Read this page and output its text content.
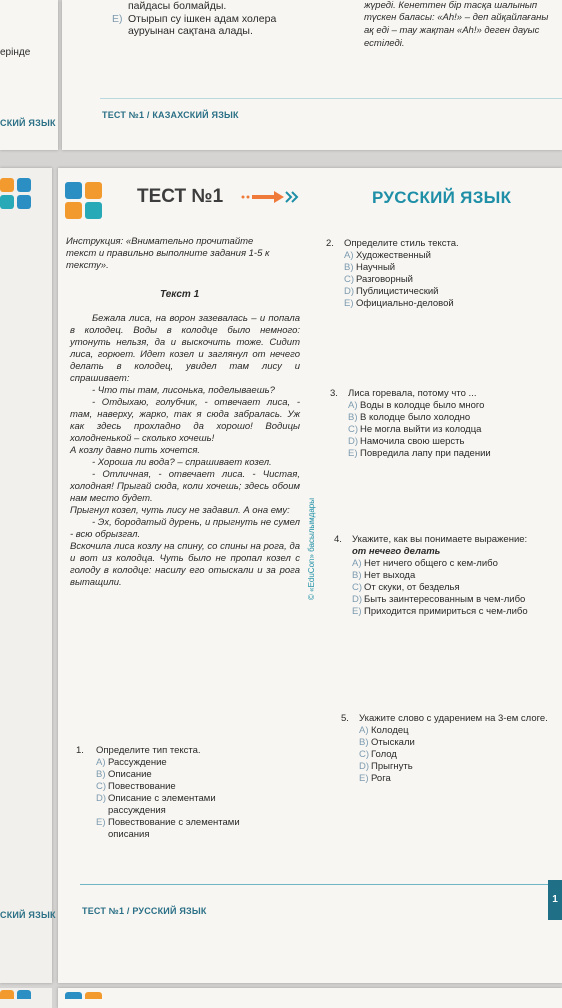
ерінде
СКИЙ ЯЗЫК
пайдасы болмайды.
E) Отырып су ішкен адам холера ауруынан сақтана алады.
жүреді. Кенеттен бір тасқа шалынып
түскен баласы: «Аһ!» – деп айқайлағаны
ақ еді – тау жақтан «Аһ!» деген дауыс
естіледі.
ТЕСТ №1 / КАЗАХСКИЙ ЯЗЫК
СКИЙ ЯЗЫК
ТЕСТ №1	РУССКИЙ ЯЗЫК
Инструкция: «Внимательно прочитайте текст и правильно выполните задания 1-5 к тексту».
Текст 1

Бежала лиса, на ворон зазевалась – и попала в колодец. Воды в колодце было немного: утонуть нельзя, да и выскочить тоже. Сидит лиса, горюет. Идет козел и заглянул от нечего делать в колодец, увидел там лису и спрашивает:

- Что ты там, лисонька, поделываешь?

- Отдыхаю, голубчик, - отвечает лиса, - там, наверху, жарко, так я сюда забралась. Уж как здесь прохладно да хорошо! Водицы холодненькой – сколько хочешь!

А козлу давно пить хочется.

- Хороша ли вода? – спрашивает козел.

- Отличная, - отвечает лиса. - Чистая, холодная! Прыгай сюда, коли хочешь; здесь обоим нам место будет.

Прыгнул козел, чуть лису не задавил. А она ему:

- Эх, бородатый дурень, и прыгнуть не сумел - всю обрызгал.

Вскочила лиса козлу на спину, со спины на рога, да и вот из колодца. Чуть было не пропал козел с голоду в колодце: насилу его отыскали и за рога вытащили.	© «EduCon» басылымдары
1.	Определите тип текста.
A) Рассуждение
B) Описание
C) Повествование
D) Описание с элементами рассуждения
E) Повествование с элементами описания
2.	Определите стиль текста.
A) Художественный
B) Научный
C) Разговорный
D) Публицистический
E) Официально-деловой
3.	Лиса горевала, потому что ...
A) Воды в колодце было много
B) В колодце было холодно
C) Не могла выйти из колодца
D) Намочила свою шерсть
E) Повредила лапу при падении
4.	Укажите, как вы понимаете выражение:
от нечего делать
A) Нет ничего общего с кем-либо
B) Нет выхода
C) От скуки, от безделья
D) Быть заинтересованным в чем-либо
E) Приходится примириться с чем-либо
5.	Укажите слово с ударением на 3-ем слоге.
A) Колодец
B) Отыскали
C) Голод
D) Прыгнуть
E) Рога
ТЕСТ №1 / РУССКИЙ ЯЗЫК
1
